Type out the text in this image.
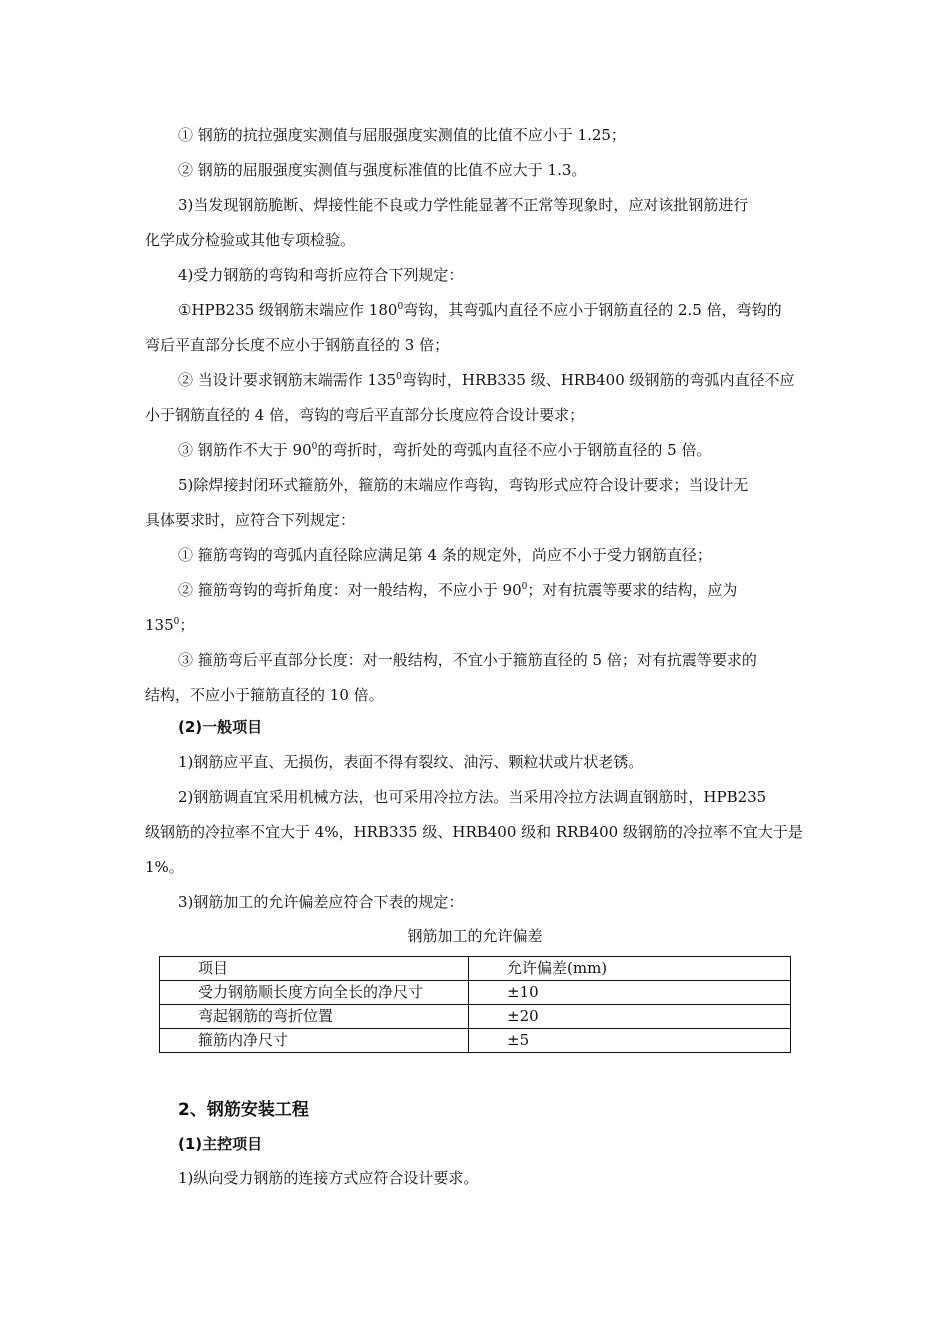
① 钢筋的抗拉强度实测值与屈服强度实测值的比值不应小于 1.25；
② 钢筋的屈服强度实测值与强度标准值的比值不应大于 1.3。
3)当发现钢筋脆断、焊接性能不良或力学性能显著不正常等现象时，应对该批钢筋进行
化学成分检验或其他专项检验。
4)受力钢筋的弯钩和弯折应符合下列规定：
①HPB235 级钢筋末端应作 $180^0$弯钩，其弯弧内直径不应小于钢筋直径的 2.5 倍，弯钩的
弯后平直部分长度不应小于钢筋直径的 3 倍；
② 当设计要求钢筋末端需作 $135^0$弯钩时，HRB335 级、HRB400 级钢筋的弯弧内直径不应
小于钢筋直径的 4 倍，弯钩的弯后平直部分长度应符合设计要求；
③ 钢筋作不大于 $90^0$的弯折时，弯折处的弯弧内直径不应小于钢筋直径的 5 倍。
5)除焊接封闭环式箍筋外，箍筋的末端应作弯钩，弯钩形式应符合设计要求；当设计无
具体要求时，应符合下列规定：
① 箍筋弯钩的弯弧内直径除应满足第 4 条的规定外，尚应不小于受力钢筋直径；
② 箍筋弯钩的弯折角度：对一般结构，不应小于 $90^0$；对有抗震等要求的结构，应为
$135^0$；
③ 箍筋弯后平直部分长度：对一般结构，不宜小于箍筋直径的 5 倍；对有抗震等要求的
结构，不应小于箍筋直径的 10 倍。
(2)一般项目
1)钢筋应平直、无损伤，表面不得有裂纹、油污、颗粒状或片状老锈。
2)钢筋调直宜采用机械方法，也可采用冷拉方法。当采用冷拉方法调直钢筋时，HPB235
级钢筋的冷拉率不宜大于 4%，HRB335 级、HRB400 级和 RRB400 级钢筋的冷拉率不宜大于是
1%。
3)钢筋加工的允许偏差应符合下表的规定：
钢筋加工的允许偏差
项目	允许偏差(mm)
受力钢筋顺长度方向全长的净尺寸	±10
弯起钢筋的弯折位置	±20
箍筋内净尺寸	±5
2、钢筋安装工程
(1)主控项目
1)纵向受力钢筋的连接方式应符合设计要求。
